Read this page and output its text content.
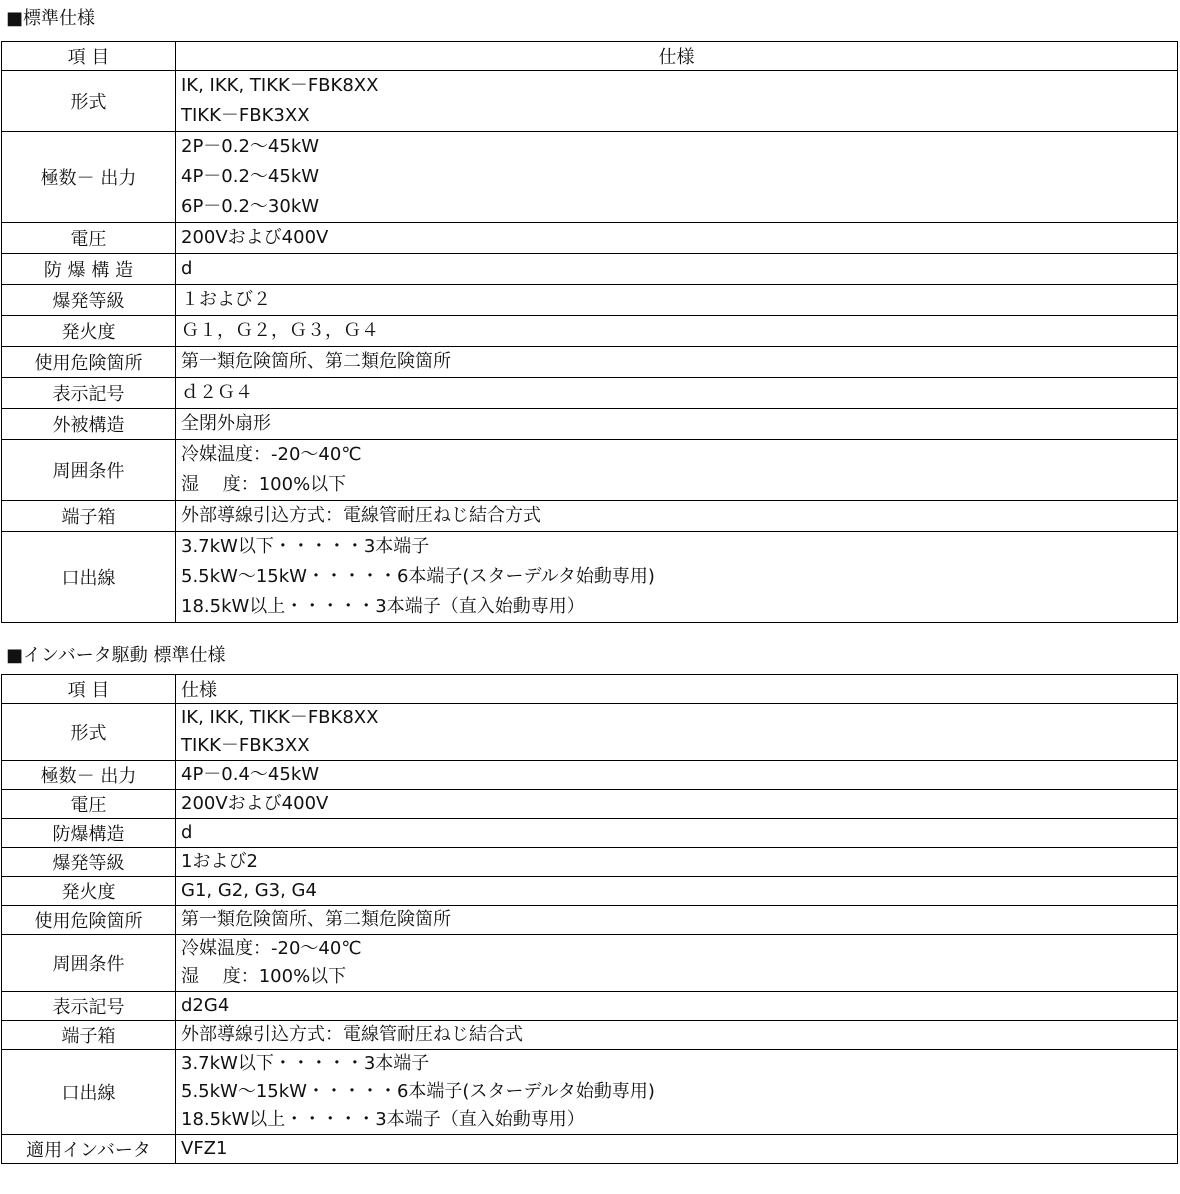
■標準仕様
項 目	仕様
形式	IK, IKK, TIKK－FBK8XX
TIKK－FBK3XX

極数－ 出力	2P－0.2～45kW
4P－0.2～45kW
6P－0.2～30kW

電圧	200Vおよび400V

防 爆 構 造	d

爆発等級	１および２

発火度	Ｇ１，Ｇ２，Ｇ３，Ｇ４

使用危険箇所	第一類危険箇所、第二類危険箇所

表示記号	ｄ２Ｇ４

外被構造	全閉外扇形

周囲条件	冷媒温度：-20～40℃
湿　 度：100%以下

端子箱	外部導線引込方式：電線管耐圧ねじ結合方式

口出線	3.7kW以下・・・・・3本端子
5.5kW～15kW・・・・・6本端子(スターデルタ始動専用)
18.5kW以上・・・・・3本端子（直入始動専用）
■インバータ駆動 標準仕様
項 目	仕様
形式	IK, IKK, TIKK－FBK8XX
TIKK－FBK3XX

極数－ 出力	4P－0.4～45kW

電圧	200Vおよび400V

防爆構造	d

爆発等級	1および2

発火度	G1, G2, G3, G4

使用危険箇所	第一類危険箇所、第二類危険箇所

周囲条件	冷媒温度：-20～40℃
湿　 度：100%以下

表示記号	d2G4

端子箱	外部導線引込方式：電線管耐圧ねじ結合式

口出線	3.7kW以下・・・・・3本端子
5.5kW～15kW・・・・・6本端子(スターデルタ始動専用)
18.5kW以上・・・・・3本端子（直入始動専用）

適用インバータ	VFZ1
